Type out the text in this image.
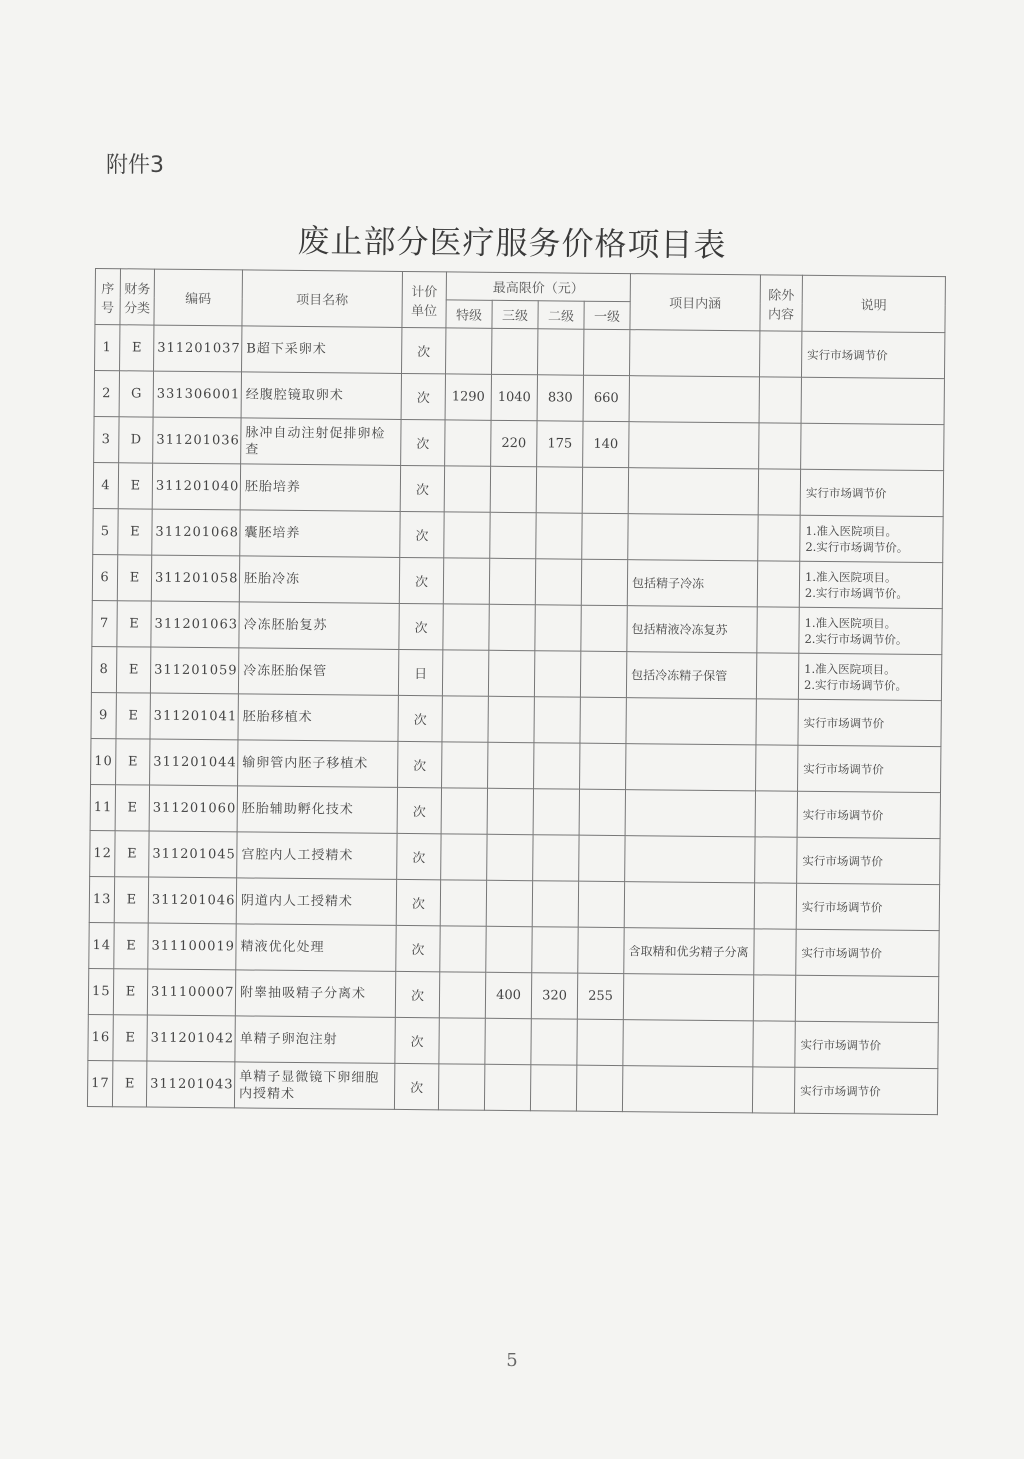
附件3
废止部分医疗服务价格项目表
序号	财务分类	编码	项目名称	计价单位	最高限价（元）				项目内涵	除外内容	说明
					特级	三级	二级	一级			
1	E	311201037	B超下采卵术	次							实行市场调节价
2	G	331306001	经腹腔镜取卵术	次	1290	1040	830	660			
3	D	311201036	脉冲自动注射促排卵检查	次		220	175	140			
4	E	311201040	胚胎培养	次							实行市场调节价
5	E	311201068	囊胚培养	次							1.准入医院项目。
2.实行市场调节价。
6	E	311201058	胚胎冷冻	次					包括精子冷冻		1.准入医院项目。
2.实行市场调节价。
7	E	311201063	冷冻胚胎复苏	次					包括精液冷冻复苏		1.准入医院项目。
2.实行市场调节价。
8	E	311201059	冷冻胚胎保管	日					包括冷冻精子保管		1.准入医院项目。
2.实行市场调节价。
9	E	311201041	胚胎移植术	次							实行市场调节价
10	E	311201044	输卵管内胚子移植术	次							实行市场调节价
11	E	311201060	胚胎辅助孵化技术	次							实行市场调节价
12	E	311201045	宫腔内人工授精术	次							实行市场调节价
13	E	311201046	阴道内人工授精术	次							实行市场调节价
14	E	311100019	精液优化处理	次					含取精和优劣精子分离		实行市场调节价
15	E	311100007	附睾抽吸精子分离术	次		400	320	255			
16	E	311201042	单精子卵泡注射	次							实行市场调节价
17	E	311201043	单精子显微镜下卵细胞内授精术	次							实行市场调节价
5
